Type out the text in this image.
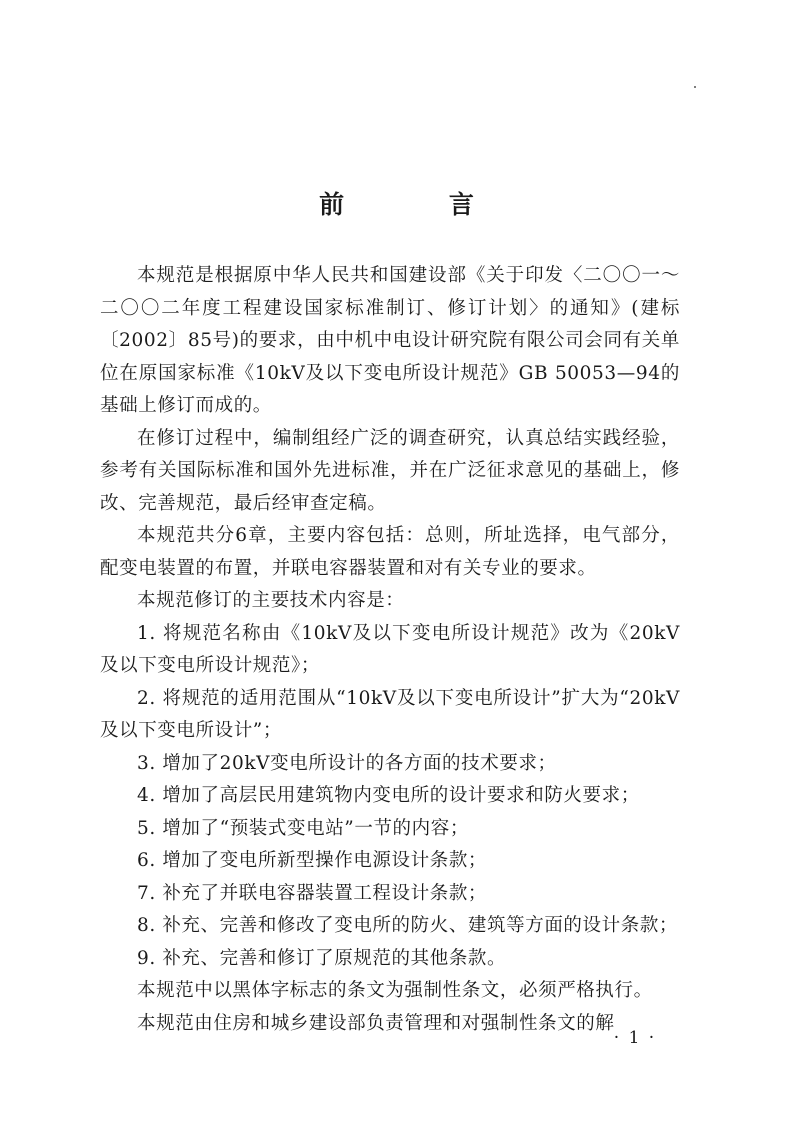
前 言

本规范是根据原中华人民共和国建设部《关于印发〈二〇〇一～二〇〇二年度工程建设国家标准制订、修订计划〉的通知》(建标〔2002〕85号)的要求，由中机中电设计研究院有限公司会同有关单位在原国家标准《10kV及以下变电所设计规范》GB 50053—94的基础上修订而成的。

在修订过程中，编制组经广泛的调查研究，认真总结实践经验，参考有关国际标准和国外先进标准，并在广泛征求意见的基础上，修改、完善规范，最后经审查定稿。

本规范共分6章，主要内容包括：总则，所址选择，电气部分，配变电装置的布置，并联电容器装置和对有关专业的要求。

本规范修订的主要技术内容是：

1. 将规范名称由《10kV及以下变电所设计规范》改为《20kV及以下变电所设计规范》；

2. 将规范的适用范围从“10kV及以下变电所设计”扩大为“20kV及以下变电所设计”；

3. 增加了20kV变电所设计的各方面的技术要求；

4. 增加了高层民用建筑物内变电所的设计要求和防火要求；

5. 增加了“预装式变电站”一节的内容；

6. 增加了变电所新型操作电源设计条款；

7. 补充了并联电容器装置工程设计条款；

8. 补充、完善和修改了变电所的防火、建筑等方面的设计条款；

9. 补充、完善和修订了原规范的其他条款。

本规范中以黑体字标志的条文为强制性条文，必须严格执行。

本规范由住房和城乡建设部负责管理和对强制性条文的解

· 1 ·
